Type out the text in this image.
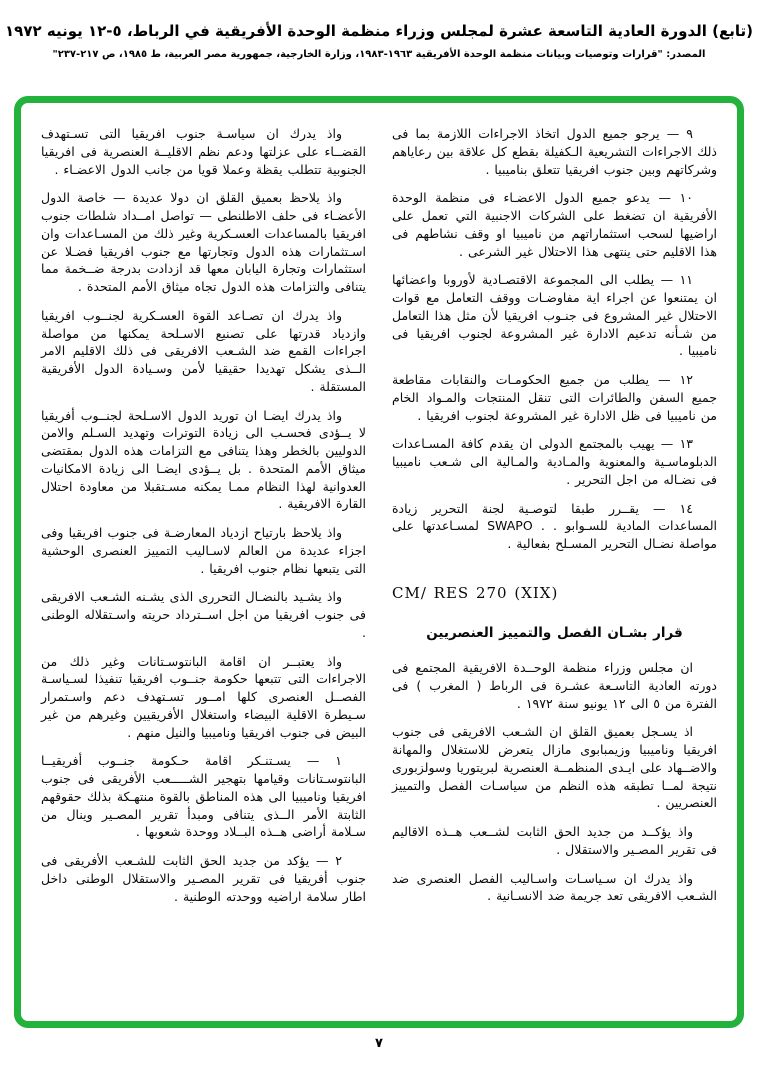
(تابع) الدورة العادية التاسعة عشرة لمجلس وزراء منظمة الوحدة الأفريقية في الرباط، ٥-١٢ يونيه ١٩٧٢
المصدر: "قرارات وتوصيات وبيانات منظمة الوحدة الأفريقية ١٩٦٣-١٩٨٣، وزارة الخارجية، جمهورية مصر العربية، ط ١٩٨٥، ص ٢١٧-٢٣٧"

٩ — يرجو جميع الدول اتخاذ الاجراءات اللازمة بما فى ذلك الاجراءات التشريعية الـكفيلة بقطع كل علاقة بين رعاياهم وشركاتهم وبين جنوب افريقيا تتعلق بناميبيا .

١٠ — يدعو جميع الدول الاعضـاء فى منظمة الوحدة الأفريقية ان تضغط على الشركات الاجنبية التي تعمل على اراضيها لسحب استثماراتهم من ناميبيا او وقف نشاطهم فى هذا الاقليم حتى ينتهى هذا الاحتلال غير الشرعى .

١١ — يطلب الى المجموعة الاقتصـادية لأوروبا واعضائها ان يمتنعوا عن اجراء اية مفاوضـات ووقف التعامل مع قوات الاحتلال غير المشروع فى جنـوب افريقيا لأن مثل هذا التعامل من شـأنه تدعيم الادارة غير المشروعة لجنوب افريقيا فى ناميبيا .

١٢ — يطلب من جميع الحكومـات والنقابات مقاطعة جميع السفن والطائرات التى تنقل المنتجات والمـواد الخام من ناميبيا فى ظل الادارة غير المشروعة لجنوب افريقيا .

١٣ — يهيب بالمجتمع الدولى ان يقدم كافة المسـاعدات الدبلوماسـية والمعنوية والمـادية والمـالية الى شـعب ناميبيا فى نضـاله من اجل التحرير .

١٤ — يقــرر طبقا لتوصـية لجنة التحرير زيادة المساعدات المادية للسـوابو . . SWAPO لمسـاعدتها على مواصلة نضـال التحرير المسـلح بفعالية .

CM/ RES 270 (XIX)

قرار بشـان الفصل والتمييز العنصريين

ان مجلس وزراء منظمة الوحــدة الافريقية المجتمع فى دورته العادية التاسـعة عشـرة فى الرباط ( المغرب ) فى الفترة من ٥ الى ١٢ يونيو سنة ١٩٧٢ .

اذ يسـجل بعميق القلق ان الشـعب الافريقى فى جنوب افريقيا وناميبيا وزيمبابوى مازال يتعرض للاستغلال والمهانة والاضــهاد على ايـدى المنظمــة العنصرية لبريتوريا وسولزبورى نتيجة لمــا تطبقه هذه النظم من سياسـات الفصل والتمييز العنصريين .

واذ يؤكــد من جديد الحق الثابت لشــعب هــذه الاقاليم فى تقرير المصـير والاستقلال .

واذ يدرك ان سـياسـات واسـاليب الفصل العنصرى ضد الشـعب الافريقى تعد جريمة ضد الانسـانية .

واذ يدرك ان سياسـة جنوب افريقيا التى تسـتهدف القضــاء على عزلتها ودعم نظم الاقليــة العنصرية فى افريقيا الجنوبية تتطلب يقظة وعملا قويا من جانب الدول الاعضـاء .

واذ يلاحظ بعميق القلق ان دولا عديدة — خاصة الدول الأعضـاء فى حلف الاطلنطى — تواصل امــداد شلطات جنوب افريقيا بالمساعدات العسـكرية وغير ذلك من المسـاعدات وان اسـتثمارات هذه الدول وتجارتها مع جنوب افريقيا فضـلا عن استثمارات وتجارة اليابان معها قد ازدادت بدرجة ضــخمة مما يتنافى والتزامات هذه الدول تجاه ميثاق الأمم المتحدة .

واذ يدرك ان تصـاعد القوة العسـكرية لجنــوب افريقيا وازدياد قدرتها على تصنيع الاسـلحة يمكنها من مواصلة اجراءات القمع ضد الشـعب الافريقى فى ذلك الاقليم الامر الــذى يشكل تهديدا حقيقيا لأمن وسـيادة الدول الأفريقية المستقلة .

واذ يدرك ايضـا ان توريد الدول الاسـلحة لجنــوب أفريقيا لا يــؤدى فحسـب الى زيادة التوترات وتهديد السـلم والامن الدوليين بالخطر وهذا يتنافى مع التزامات هذه الدول بمقتضى ميثاق الأمم المتحدة . بل يــؤدى ايضـا الى زيادة الامكانيات العدوانية لهذا النظام ممـا يمكنه مسـتقبلا من معاودة احتلال القارة الافريقية .

واذ يلاحظ بارتياح ازدياد المعارضـة فى جنوب افريقيا وفى اجزاء عديدة من العالم لاسـاليب التمييز العنصرى الوحشية التى يتبعها نظام جنوب افريقيا .

واذ يشـيد بالنضـال التحررى الذى يشـنه الشـعب الافريقى فى جنوب افريقيا من اجل اســترداد حريته واسـتقلاله الوطنى .

واذ يعتبــر ان اقامة البانتوسـتانات وغير ذلك من الاجراءات التى تتبعها حكومة جنــوب افريقيا تنفيذا لسـياسـة الفصــل العنصرى كلها امــور تسـتهدف دعم واسـتمرار سـيطرة الاقلية البيضاء واستغلال الأفريقيين وغيرهم من غير البيض فى جنوب افريقيا وناميبيا والنيل منهم .

١ — يسـتنـكر اقامة حـكومة جنــوب أفريقيــا البانتوسـتانات وقيامها بتهجير الشـــــعب الأفريقى فى جنوب افريقيا وناميبيا الى هذه المناطق بالقوة منتهـكة بذلك حقوقهم الثابتة الأمر الــذى يتنافى ومبدأ تقرير المصـير وينال من سـلامة أراضى هــذه البــلاد ووحدة شعوبها .

٢ — يؤكد من جديد الحق الثابت للشـعب الأفريقى فى جنوب أفريقيا فى تقرير المصـير والاستقلال الوطنى داخل اطار سلامة اراضيه ووحدته الوطنية .

٧
